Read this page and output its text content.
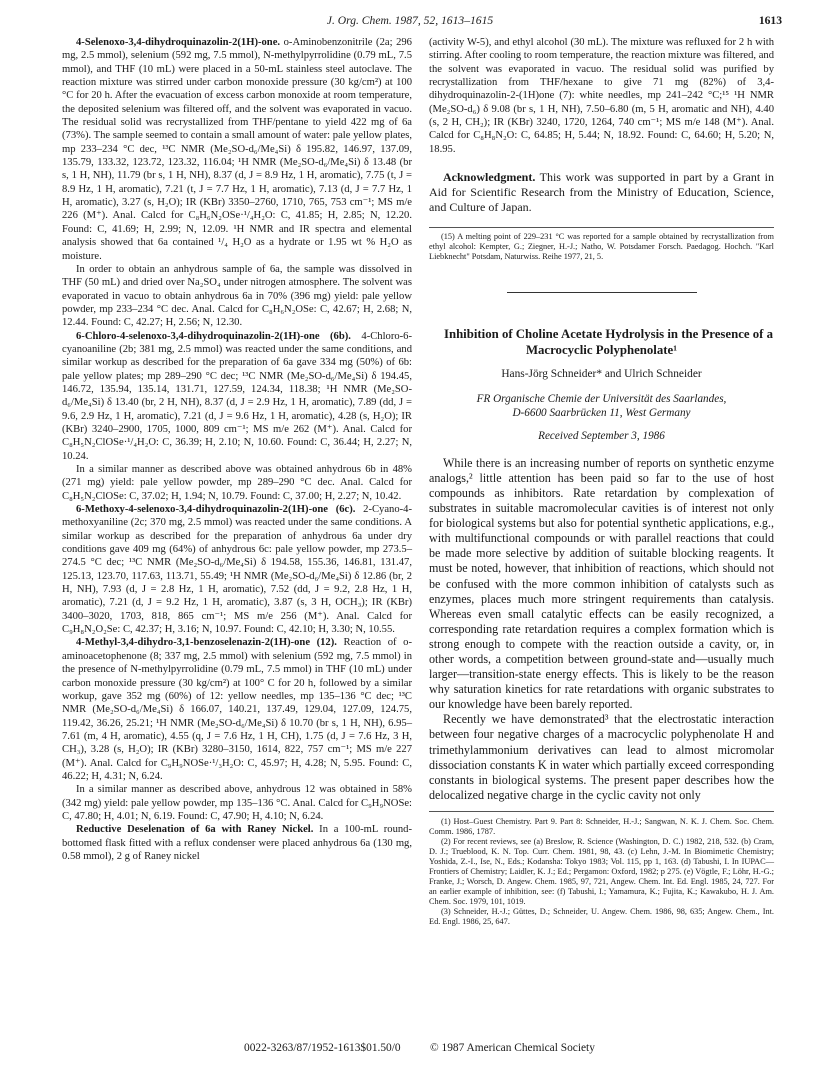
J. Org. Chem. 1987, 52, 1613–1615	1613

4-Selenoxo-3,4-dihydroquinazolin-2(1H)-one. o-Aminobenzonitrile (2a; 296 mg, 2.5 mmol), selenium (592 mg, 7.5 mmol), N-methylpyrrolidine (0.79 mL, 7.5 mmol), and THF (10 mL) were placed in a 50-mL stainless steel autoclave. The reaction mixture was stirred under carbon monoxide pressure (30 kg/cm²) at 100 °C for 20 h. After the evacuation of excess carbon monoxide at room temperature, the deposited selenium was filtered off, and the solvent was evaporated in vacuo. The residual solid was recrystallized from THF/pentane to yield 422 mg of 6a (73%). The sample seemed to contain a small amount of water: pale yellow plates, mp 233–234 °C dec, ¹³C NMR (Me₂SO-d₆/Me₄Si) δ 195.82, 146.97, 137.09, 135.79, 133.32, 123.72, 123.32, 116.04; ¹H NMR (Me₂SO-d₆/Me₄Si) δ 13.48 (br s, 1 H, NH), 11.79 (br s, 1 H, NH), 8.37 (d, J = 8.9 Hz, 1 H, aromatic), 7.75 (t, J = 8.9 Hz, 1 H, aromatic), 7.21 (t, J = 7.7 Hz, 1 H, aromatic), 7.13 (d, J = 7.7 Hz, 1 H, aromatic), 3.27 (s, H₂O); IR (KBr) 3350–2760, 1710, 765, 753 cm⁻¹; MS m/e 226 (M⁺). Anal. Calcd for C₈H₆N₂OSe·¹/₄H₂O: C, 41.85; H, 2.85; N, 12.20. Found: C, 41.69; H, 2.99; N, 12.09. ¹H NMR and IR spectra and elemental analysis showed that 6a contained ¹/₄ H₂O as a hydrate or 1.95 wt % H₂O as moisture.

In order to obtain an anhydrous sample of 6a, the sample was dissolved in THF (50 mL) and dried over Na₂SO₄ under nitrogen atmosphere. The solvent was evaporated in vacuo to obtain anhydrous 6a in 70% (396 mg) yield: pale yellow powder, mp 233–234 °C dec. Anal. Calcd for C₈H₆N₂OSe: C, 42.67; H, 2.68; N, 12.44. Found: C, 42.27; H, 2.56; N, 12.30.

6-Chloro-4-selenoxo-3,4-dihydroquinazolin-2(1H)-one (6b). 4-Chloro-6-cyanoaniline (2b; 381 mg, 2.5 mmol) was reacted under the same conditions, and similar workup as described for the preparation of 6a gave 334 mg (50%) of 6b: pale yellow plates; mp 289–290 °C dec; ¹³C NMR (Me₂SO-d₆/Me₄Si) δ 194.45, 146.72, 135.94, 135.14, 131.71, 127.59, 124.34, 118.38; ¹H NMR (Me₂SO-d₆/Me₄Si) δ 13.40 (br, 2 H, NH), 8.37 (d, J = 2.9 Hz, 1 H, aromatic), 7.89 (dd, J = 9.6, 2.9 Hz, 1 H, aromatic), 7.21 (d, J = 9.6 Hz, 1 H, aromatic), 4.28 (s, H₂O); IR (KBr) 3240–2900, 1705, 1000, 809 cm⁻¹; MS m/e 262 (M⁺). Anal. Calcd for C₈H₅N₂ClOSe·¹/₄H₂O: C, 36.39; H, 2.10; N, 10.60. Found: C, 36.44; H, 2.27; N, 10.24.

In a similar manner as described above was obtained anhydrous 6b in 48% (271 mg) yield: pale yellow powder, mp 289–290 °C dec. Anal. Calcd for C₈H₅N₂ClOSe: C, 37.02; H, 1.94; N, 10.79. Found: C, 37.00; H, 2.27; N, 10.42.

6-Methoxy-4-selenoxo-3,4-dihydroquinazolin-2(1H)-one (6c). 2-Cyano-4-methoxyaniline (2c; 370 mg, 2.5 mmol) was reacted under the same conditions. A similar workup as described for the preparation of anhydrous 6a under dry conditions gave 409 mg (64%) of anhydrous 6c: pale yellow powder, mp 273.5–274.5 °C dec; ¹³C NMR (Me₂SO-d₆/Me₄Si) δ 194.58, 155.36, 146.81, 131.47, 125.13, 123.70, 117.63, 113.71, 55.49; ¹H NMR (Me₂SO-d₆/Me₄Si) δ 12.86 (br, 2 H, NH), 7.93 (d, J = 2.8 Hz, 1 H, aromatic), 7.52 (dd, J = 9.2, 2.8 Hz, 1 H, aromatic), 7.21 (d, J = 9.2 Hz, 1 H, aromatic), 3.87 (s, 3 H, OCH₃); IR (KBr) 3400–3020, 1703, 818, 865 cm⁻¹; MS m/e 256 (M⁺). Anal. Calcd for C₉H₈N₂O₂Se: C, 42.37; H, 3.16; N, 10.97. Found: C, 42.10; H, 3.30; N, 10.55.

4-Methyl-3,4-dihydro-3,1-benzoselenazin-2(1H)-one (12). Reaction of o-aminoacetophenone (8; 337 mg, 2.5 mmol) with selenium (592 mg, 7.5 mmol) in the presence of N-methylpyrrolidine (0.79 mL, 7.5 mmol) in THF (10 mL) under carbon monoxide pressure (30 kg/cm²) at 100° C for 20 h, followed by a similar workup, gave 352 mg (60%) of 12: yellow needles, mp 135–136 °C dec; ¹³C NMR (Me₂SO-d₆/Me₄Si) δ 166.07, 140.21, 137.49, 129.04, 127.09, 124.75, 119.42, 36.26, 25.21; ¹H NMR (Me₂SO-d₆/Me₄Si) δ 10.70 (br s, 1 H, NH), 6.95–7.61 (m, 4 H, aromatic), 4.55 (q, J = 7.6 Hz, 1 H, CH), 1.75 (d, J = 7.6 Hz, 3 H, CH₃), 3.28 (s, H₂O); IR (KBr) 3280–3150, 1614, 822, 757 cm⁻¹; MS m/e 227 (M⁺). Anal. Calcd for C₉H₉NOSe·¹/₃H₂O: C, 45.97; H, 4.28; N, 5.95. Found: C, 46.22; H, 4.31; N, 6.24.

In a similar manner as described above, anhydrous 12 was obtained in 58% (342 mg) yield: pale yellow powder, mp 135–136 °C. Anal. Calcd for C₉H₉NOSe: C, 47.80; H, 4.01; N, 6.19. Found: C, 47.90; H, 4.10; N, 6.24.

Reductive Deselenation of 6a with Raney Nickel. In a 100-mL round-bottomed flask fitted with a reflux condenser were placed anhydrous 6a (130 mg, 0.58 mmol), 2 g of Raney nickel

(activity W-5), and ethyl alcohol (30 mL). The mixture was refluxed for 2 h with stirring. After cooling to room temperature, the reaction mixture was filtered, and the solvent was evaporated in vacuo. The residual solid was purified by recrystallization from THF/hexane to give 71 mg (82%) of 3,4-dihydroquinazolin-2-(1H)one (7): white needles, mp 241–242 °C;¹⁵ ¹H NMR (Me₂SO-d₆) δ 9.08 (br s, 1 H, NH), 7.50–6.80 (m, 5 H, aromatic and NH), 4.40 (s, 2 H, CH₂); IR (KBr) 3240, 1720, 1264, 740 cm⁻¹; MS m/e 148 (M⁺). Anal. Calcd for C₈H₈N₂O: C, 64.85; H, 5.44; N, 18.92. Found: C, 64.60; H, 5.20; N, 18.95.

Acknowledgment. This work was supported in part by a Grant in Aid for Scientific Research from the Ministry of Education, Science, and Culture of Japan.

(15) A melting point of 229–231 °C was reported for a sample obtained by recrystallization from ethyl alcohol: Kempter, G.; Ziegner, H.-J.; Natho, W. Potsdamer Forsch. Paedagog. Hochch. "Karl Liebknecht" Potsdam, Naturwiss. Reihe 1977, 21, 5.

Inhibition of Choline Acetate Hydrolysis in the Presence of a Macrocyclic Polyphenolate¹

Hans-Jörg Schneider* and Ulrich Schneider
FR Organische Chemie der Universität des Saarlandes,
D-6600 Saarbrücken 11, West Germany
Received September 3, 1986

While there is an increasing number of reports on synthetic enzyme analogs,² little attention has been paid so far to the use of host compounds as inhibitors. Rate retardation by complexation of substrates in suitable macromolecular cavities is of interest not only for biological systems but also for potential synthetic applications, e.g., with multifunctional compounds or with parallel reactions that could be made more selective by addition of suitable blocking reagents. It must be noted, however, that inhibition of reactions, which should not be confused with the more common inhibition of catalysts such as enzymes, places much more stringent requirements than catalysis. Whereas even small catalytic effects can be easily recognized, a corresponding rate retardation requires a complex formation which is strong enough to compete with the reaction outside a cavity, or, in other words, a competition between ground-state and—usually much larger—transition-state energy effects. This is likely to be the reason why saturation kinetics for rate retardations with organic substrates to our knowledge have been barely reported.

Recently we have demonstrated³ that the electrostatic interaction between four negative charges of a macrocyclic polyphenolate H and trimethylammonium derivatives can lead to almost micromolar dissociation constants K in water which partially exceed corresponding constants in biological systems. The present paper describes how the delocalized negative charge in the cyclic cavity not only

(1) Host–Guest Chemistry. Part 9. Part 8: Schneider, H.-J.; Sangwan, N. K. J. Chem. Soc. Chem. Comm. 1986, 1787.

(2) For recent reviews, see (a) Breslow, R. Science (Washington, D. C.) 1982, 218, 532. (b) Cram, D. J.; Trueblood, K. N. Top. Curr. Chem. 1981, 98, 43. (c) Lehn, J.-M. In Biomimetic Chemistry; Yoshida, Z.-I., Ise, N., Eds.; Kodansha: Tokyo 1983; Vol. 115, pp 1, 163. (d) Tabushi, I. In IUPAC—Frontiers of Chemistry; Laidler, K. J.; Ed.; Pergamon: Oxford, 1982; p 275. (e) Vögtle, F.; Löhr, H.-G.; Franke, J.; Worsch, D. Angew. Chem. 1985, 97, 721, Angew. Chem. Int. Ed. Engl. 1985, 24, 727. For an earlier example of inhibition, see: (f) Tabushi, I.; Yamamura, K.; Fujita, K.; Kawakubo, H. J. Am. Chem. Soc. 1979, 101, 1019.

(3) Schneider, H.-J.; Güttes, D.; Schneider, U. Angew. Chem. 1986, 98, 635; Angew. Chem., Int. Ed. Engl. 1986, 25, 647.

0022-3263/87/1952-1613$01.50/0	© 1987 American Chemical Society
